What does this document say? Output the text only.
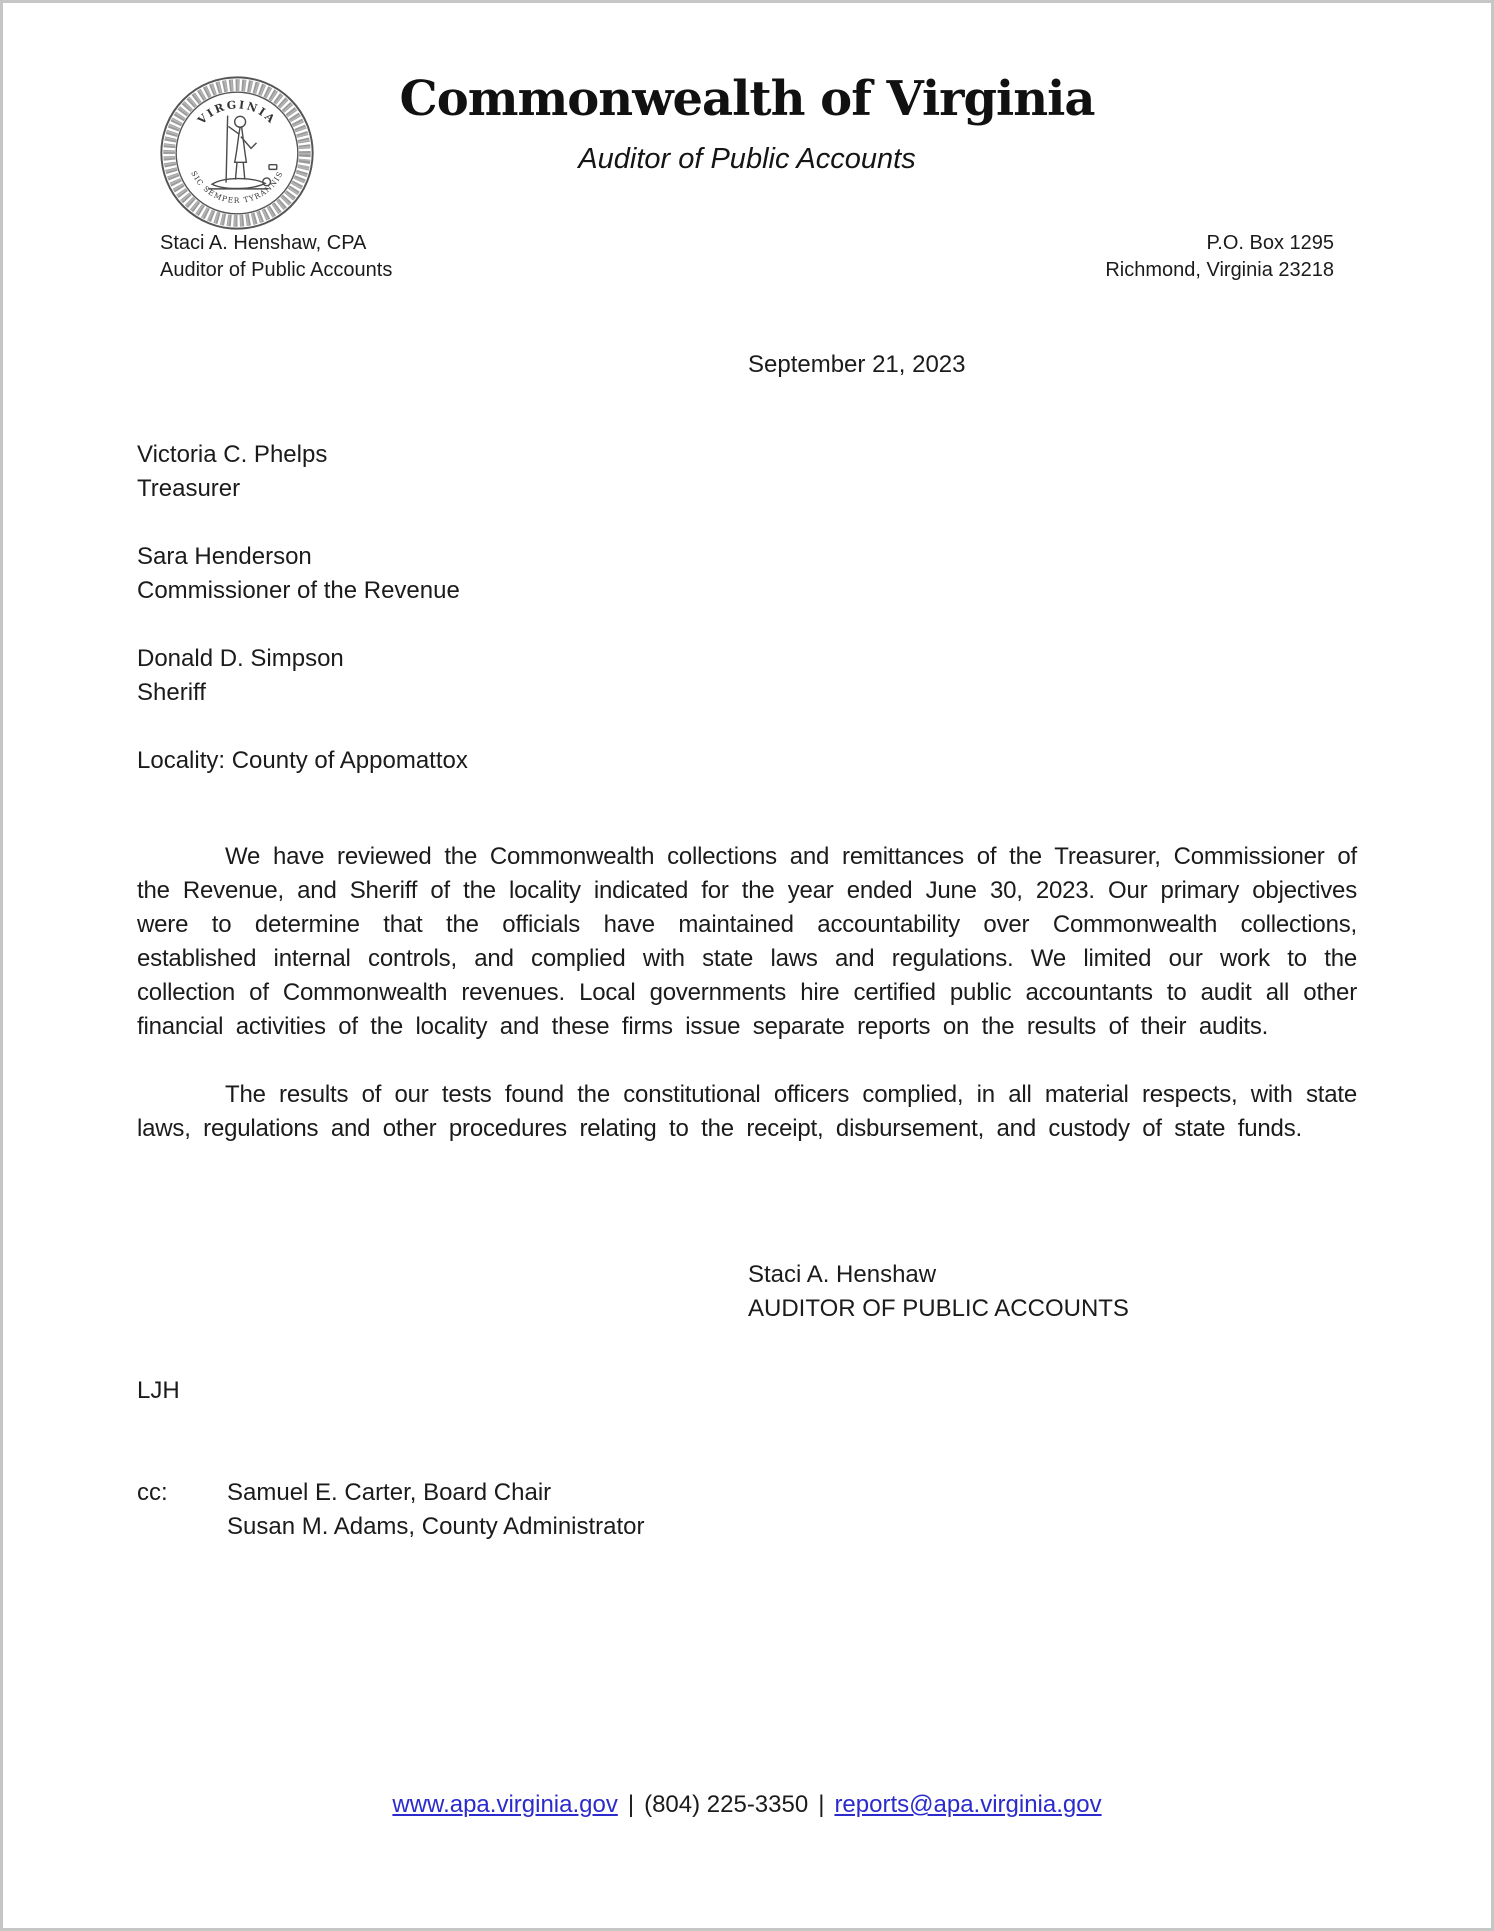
VIRGINIA
SIC SEMPER TYRANNIS
Commonwealth of Virginia
Auditor of Public Accounts
Staci A. Henshaw, CPA
Auditor of Public Accounts
P.O. Box 1295
Richmond, Virginia 23218
September 21, 2023
Victoria C. Phelps
Treasurer
Sara Henderson
Commissioner of the Revenue
Donald D. Simpson
Sheriff
Locality: County of Appomattox

We have reviewed the Commonwealth collections and remittances of the Treasurer, Commissioner of the Revenue, and Sheriff of the locality indicated for the year ended June 30, 2023. Our primary objectives were to determine that the officials have maintained accountability over Commonwealth collections, established internal controls, and complied with state laws and regulations. We limited our work to the collection of Commonwealth revenues. Local governments hire certified public accountants to audit all other financial activities of the locality and these firms issue separate reports on the results of their audits.

The results of our tests found the constitutional officers complied, in all material respects, with state laws, regulations and other procedures relating to the receipt, disbursement, and custody of state funds.

Staci A. Henshaw
AUDITOR OF PUBLIC ACCOUNTS
LJH
cc:	Samuel E. Carter, Board Chair
Susan M. Adams, County Administrator
www.apa.virginia.gov | (804) 225-3350 | reports@apa.virginia.gov
